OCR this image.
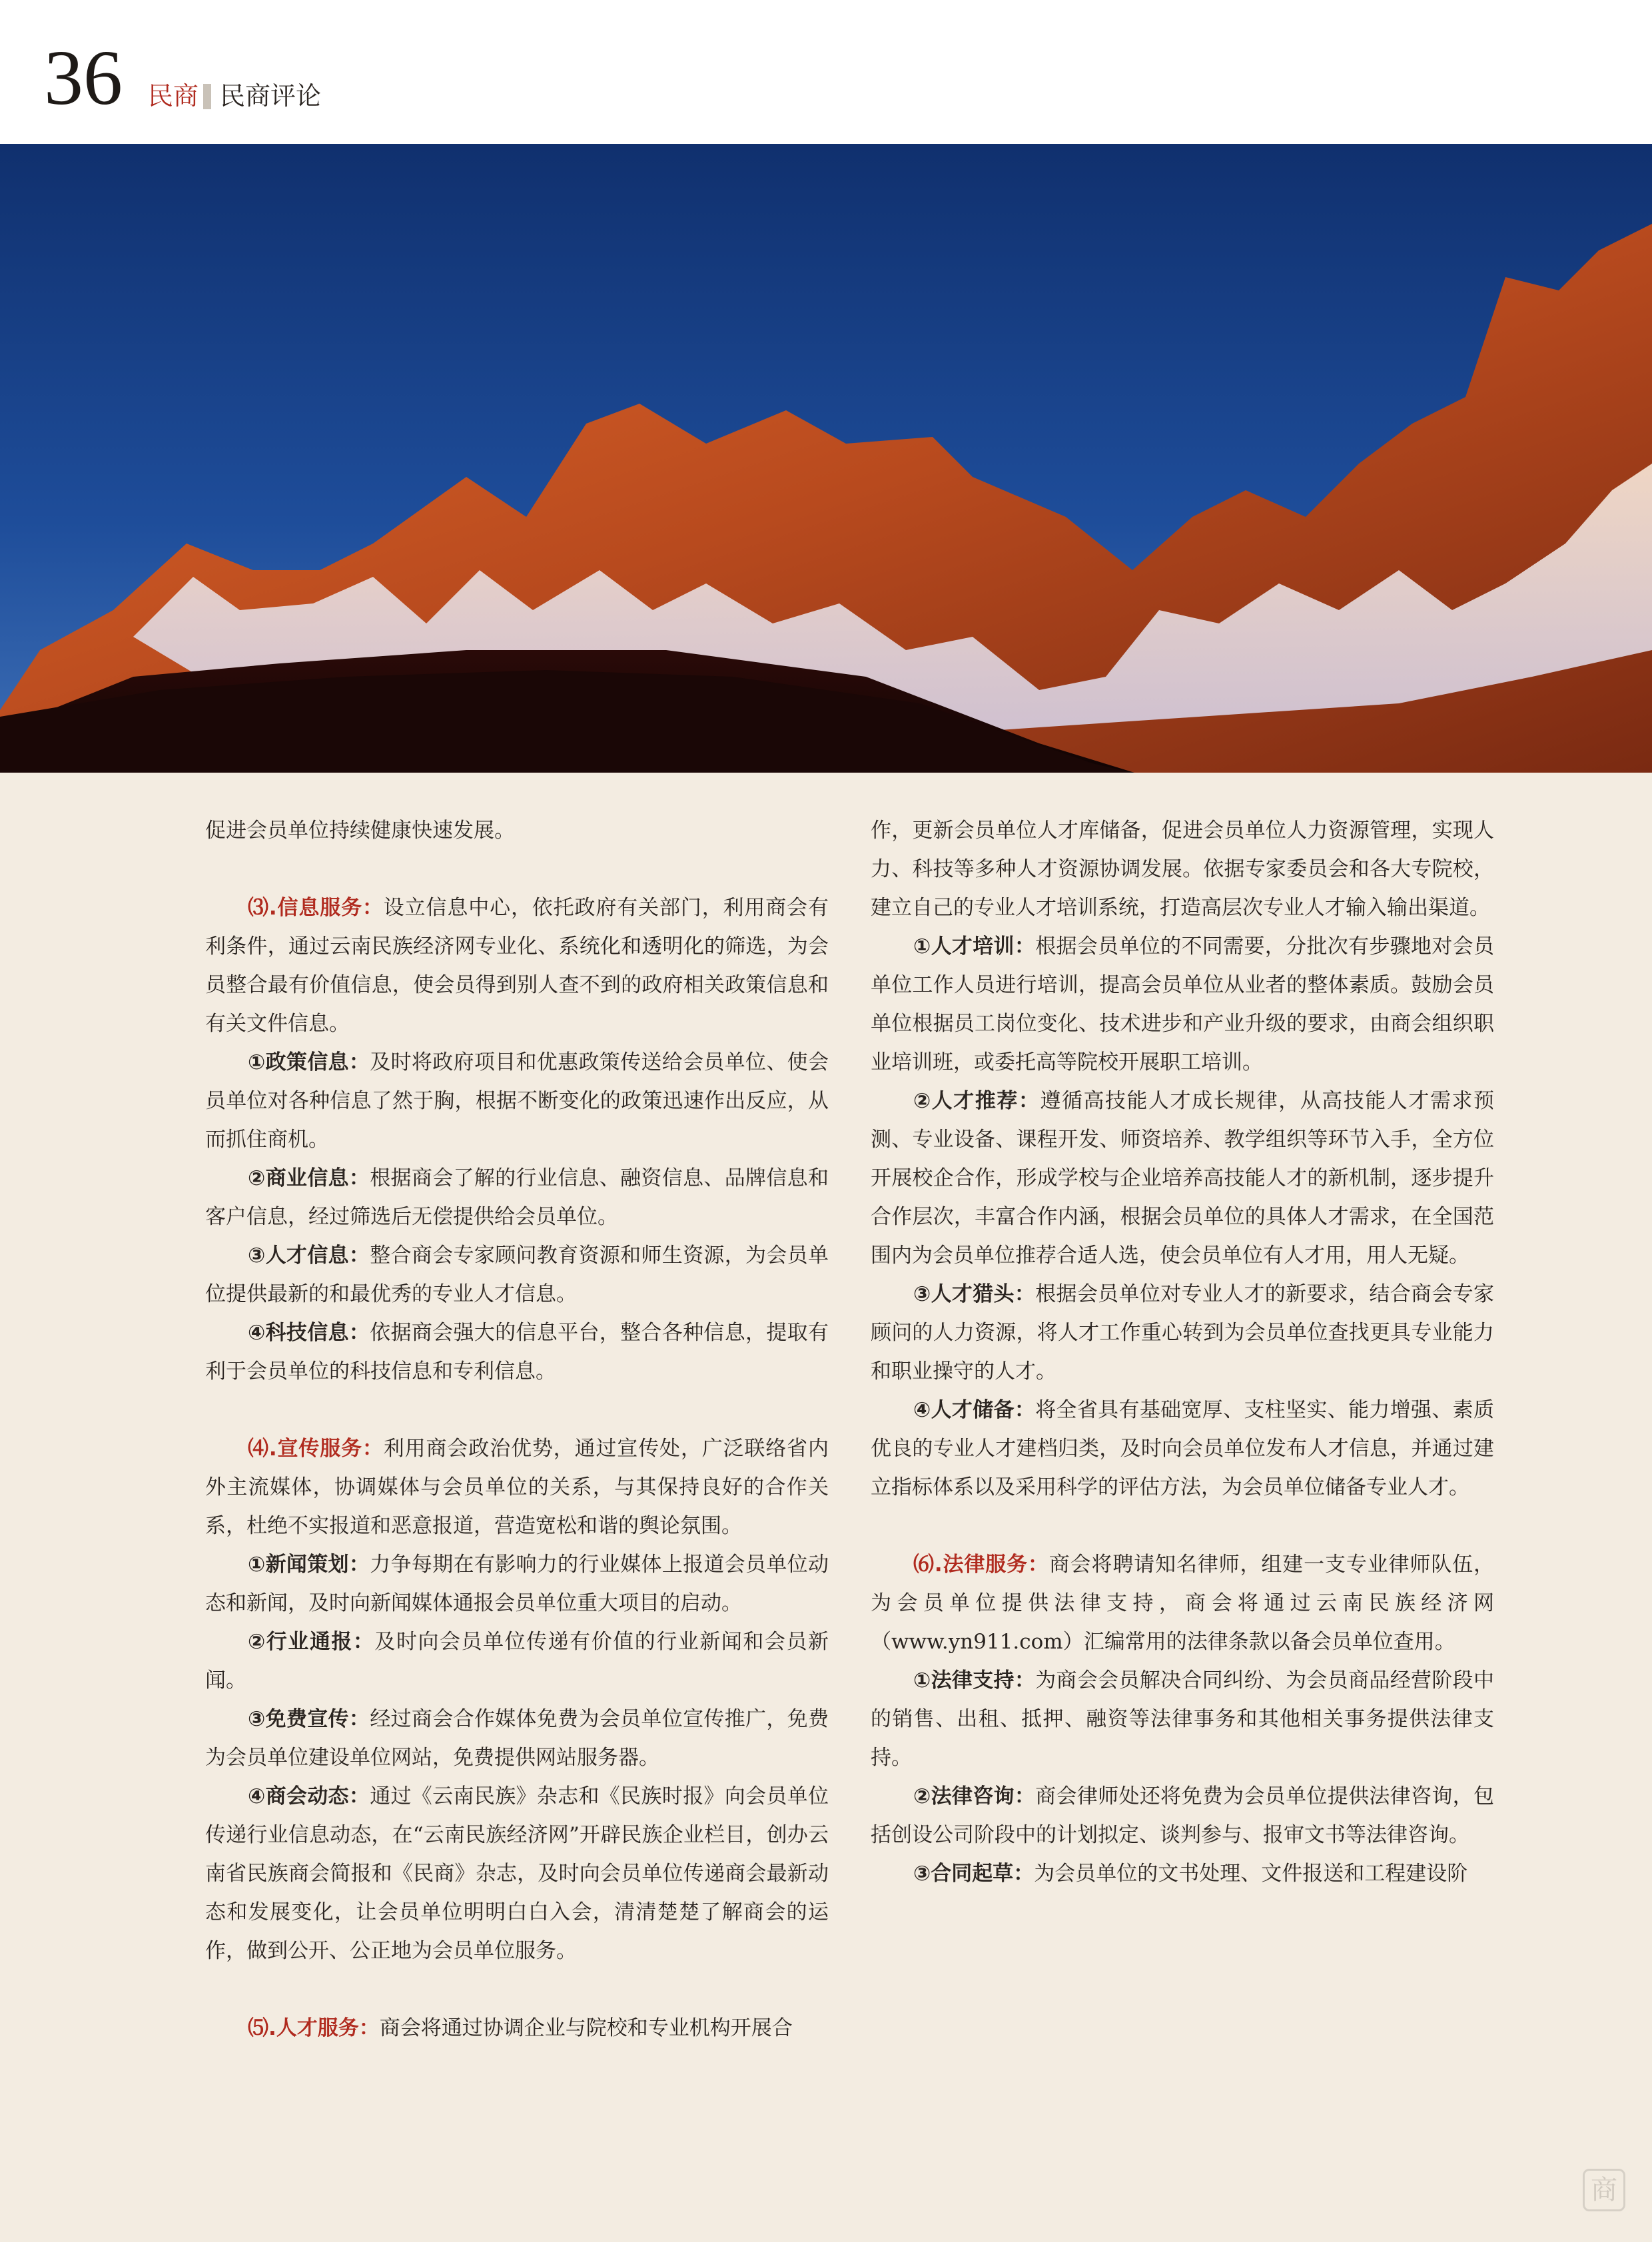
36 民商 民商评论

促进会员单位持续健康快速发展。

⑶.信息服务：设立信息中心，依托政府有关部门，利用商会有利条件，通过云南民族经济网专业化、系统化和透明化的筛选，为会员整合最有价值信息，使会员得到别人查不到的政府相关政策信息和有关文件信息。

①政策信息：及时将政府项目和优惠政策传送给会员单位、使会员单位对各种信息了然于胸，根据不断变化的政策迅速作出反应，从而抓住商机。

②商业信息：根据商会了解的行业信息、融资信息、品牌信息和客户信息，经过筛选后无偿提供给会员单位。

③人才信息：整合商会专家顾问教育资源和师生资源，为会员单位提供最新的和最优秀的专业人才信息。

④科技信息：依据商会强大的信息平台，整合各种信息，提取有利于会员单位的科技信息和专利信息。

⑷.宣传服务：利用商会政治优势，通过宣传处，广泛联络省内外主流媒体，协调媒体与会员单位的关系，与其保持良好的合作关系，杜绝不实报道和恶意报道，营造宽松和谐的舆论氛围。

①新闻策划：力争每期在有影响力的行业媒体上报道会员单位动态和新闻，及时向新闻媒体通报会员单位重大项目的启动。

②行业通报：及时向会员单位传递有价值的行业新闻和会员新闻。

③免费宣传：经过商会合作媒体免费为会员单位宣传推广，免费为会员单位建设单位网站，免费提供网站服务器。

④商会动态：通过《云南民族》杂志和《民族时报》向会员单位传递行业信息动态，在“云南民族经济网”开辟民族企业栏目，创办云南省民族商会简报和《民商》杂志，及时向会员单位传递商会最新动态和发展变化，让会员单位明明白白入会，清清楚楚了解商会的运作，做到公开、公正地为会员单位服务。

⑸.人才服务：商会将通过协调企业与院校和专业机构开展合

作，更新会员单位人才库储备，促进会员单位人力资源管理，实现人力、科技等多种人才资源协调发展。依据专家委员会和各大专院校，建立自己的专业人才培训系统，打造高层次专业人才输入输出渠道。

①人才培训：根据会员单位的不同需要，分批次有步骤地对会员单位工作人员进行培训，提高会员单位从业者的整体素质。鼓励会员单位根据员工岗位变化、技术进步和产业升级的要求，由商会组织职业培训班，或委托高等院校开展职工培训。

②人才推荐：遵循高技能人才成长规律，从高技能人才需求预测、专业设备、课程开发、师资培养、教学组织等环节入手，全方位开展校企合作，形成学校与企业培养高技能人才的新机制，逐步提升合作层次，丰富合作内涵，根据会员单位的具体人才需求，在全国范围内为会员单位推荐合适人选，使会员单位有人才用，用人无疑。

③人才猎头：根据会员单位对专业人才的新要求，结合商会专家顾问的人力资源，将人才工作重心转到为会员单位查找更具专业能力和职业操守的人才。

④人才储备：将全省具有基础宽厚、支柱坚实、能力增强、素质优良的专业人才建档归类，及时向会员单位发布人才信息，并通过建立指标体系以及采用科学的评估方法，为会员单位储备专业人才。

⑹.法律服务：商会将聘请知名律师，组建一支专业律师队伍，为会员单位提供法律支持，商会将通过云南民族经济网（www.yn911.com）汇编常用的法律条款以备会员单位查用。

①法律支持：为商会会员解决合同纠纷、为会员商品经营阶段中的销售、出租、抵押、融资等法律事务和其他相关事务提供法律支持。

②法律咨询：商会律师处还将免费为会员单位提供法律咨询，包括创设公司阶段中的计划拟定、谈判参与、报审文书等法律咨询。

③合同起草：为会员单位的文书处理、文件报送和工程建设阶

商
